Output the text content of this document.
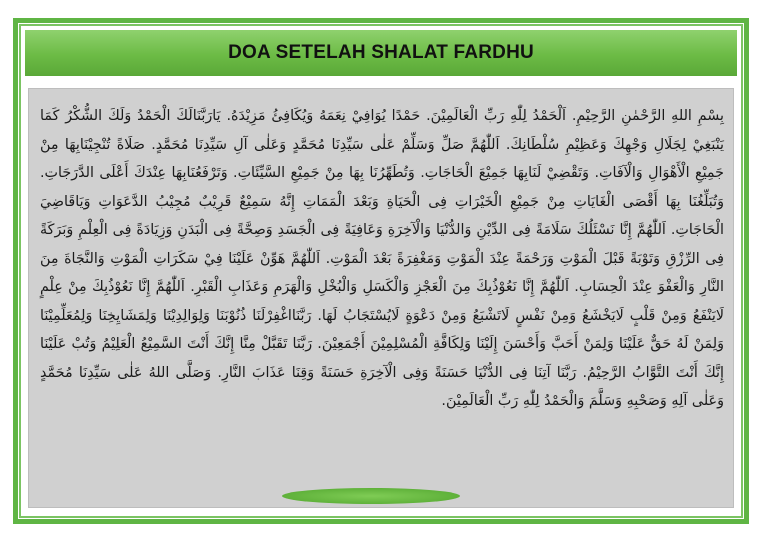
DOA SETELAH SHALAT FARDHU

بِسْمِ اللهِ الرَّحْمٰنِ الرَّحِيْمِ. اَلْحَمْدُ لِلّٰهِ رَبِّ الْعَالَمِيْنَ. حَمْدًا يُوَافِيْ نِعَمَهُ وَيُكَافِئُ مَزِيْدَهُ. يَارَبَّنَالَكَ الْحَمْدُ وَلَكَ الشُّكْرُ كَمَا يَنْبَغِيْ لِجَلَالِ وَجْهِكَ وَعَظِيْمِ سُلْطَانِكَ. اَللّٰهُمَّ صَلِّ وَسَلِّمْ عَلٰى سَيِّدِنَا مُحَمَّدٍ وَعَلٰى آلِ سَيِّدِنَا مُحَمَّدٍ. صَلَاةً تُنْجِيْنَابِهَا مِنْ جَمِيْعِ الْأَهْوَالِ وَالْآفَاتِ. وَتَقْضِيْ لَنَابِهَا جَمِيْعَ الْحَاجَاتِ. وَتُطَهِّرُنَا بِهَا مِنْ جَمِيْعِ السَّيِّئَاتِ. وَتَرْفَعُنَابِهَا عِنْدَكَ أَعْلَى الدَّرَجَاتِ. وَتُبَلِّغُنَا بِهَا أَقْصَى الْغَايَاتِ مِنْ جَمِيْعِ الْخَيْرَاتِ فِى الْحَيَاةِ وَبَعْدَ الْمَمَاتِ إِنَّهُ سَمِيْعٌ قَرِيْبٌ مُجِيْبُ الدَّعَوَاتِ وَيَاقَاضِيَ الْحَاجَاتِ. اَللّٰهُمَّ إِنَّا نَسْئَلُكَ سَلَامَةً فِى الدِّيْنِ وَالدُّنْيَا وَالْآخِرَةِ وَعَافِيَةً فِى الْجَسَدِ وَصِحَّةً فِى الْبَدَنِ وَزِيَادَةً فِى الْعِلْمِ وَبَرَكَةً فِى الرِّزْقِ وَتَوْبَةً قَبْلَ الْمَوْتِ وَرَحْمَةً عِنْدَ الْمَوْتِ وَمَغْفِرَةً بَعْدَ الْمَوْتِ. اَللّٰهُمَّ هَوِّنْ عَلَيْنَا فِيْ سَكَرَاتِ الْمَوْتِ وَالنَّجَاةَ مِنَ النَّارِ وَالْعَفْوَ عِنْدَ الْحِسَابِ. اَللّٰهُمَّ إِنَّا نَعُوْذُبِكَ مِنَ الْعَجْزِ وَالْكَسَلِ وَالْبُخْلِ وَالْهَرَمِ وَعَذَابِ الْقَبْرِ. اَللّٰهُمَّ إِنَّا نَعُوْذُبِكَ مِنْ عِلْمٍ لَايَنْفَعُ وَمِنْ قَلْبٍ لَايَخْشَعُ وَمِنْ نَفْسٍ لَاتَشْبَعُ وَمِنْ دَعْوَةٍ لَايُسْتَجَابُ لَهَا. رَبَّنَااغْفِرْلَنَا ذُنُوْبَنَا وَلِوَالِدِيْنَا وَلِمَشَايِخِنَا وَلِمُعَلِّمِيْنَا وَلِمَنْ لَهُ حَقٌّ عَلَيْنَا وَلِمَنْ أَحَبَّ وَأَحْسَنَ إِلَيْنَا وَلِكَافَّةِ الْمُسْلِمِيْنَ أَجْمَعِيْنَ. رَبَّنَا تَقَبَّلْ مِنَّا إِنَّكَ أَنْتَ السَّمِيْعُ الْعَلِيْمُ وَتُبْ عَلَيْنَا إِنَّكَ أَنْتَ التَّوَّابُ الرَّحِيْمُ. رَبَّنَا آتِنَا فِى الدُّنْيَا حَسَنَةً وَفِى الْآخِرَةِ حَسَنَةً وَقِنَا عَذَابَ النَّارِ. وَصَلَّى اللهُ عَلٰى سَيِّدِنَا مُحَمَّدٍ وَعَلٰى آلِهِ وَصَحْبِهِ وَسَلَّمَ وَالْحَمْدُ لِلّٰهِ رَبِّ الْعَالَمِيْنَ.
